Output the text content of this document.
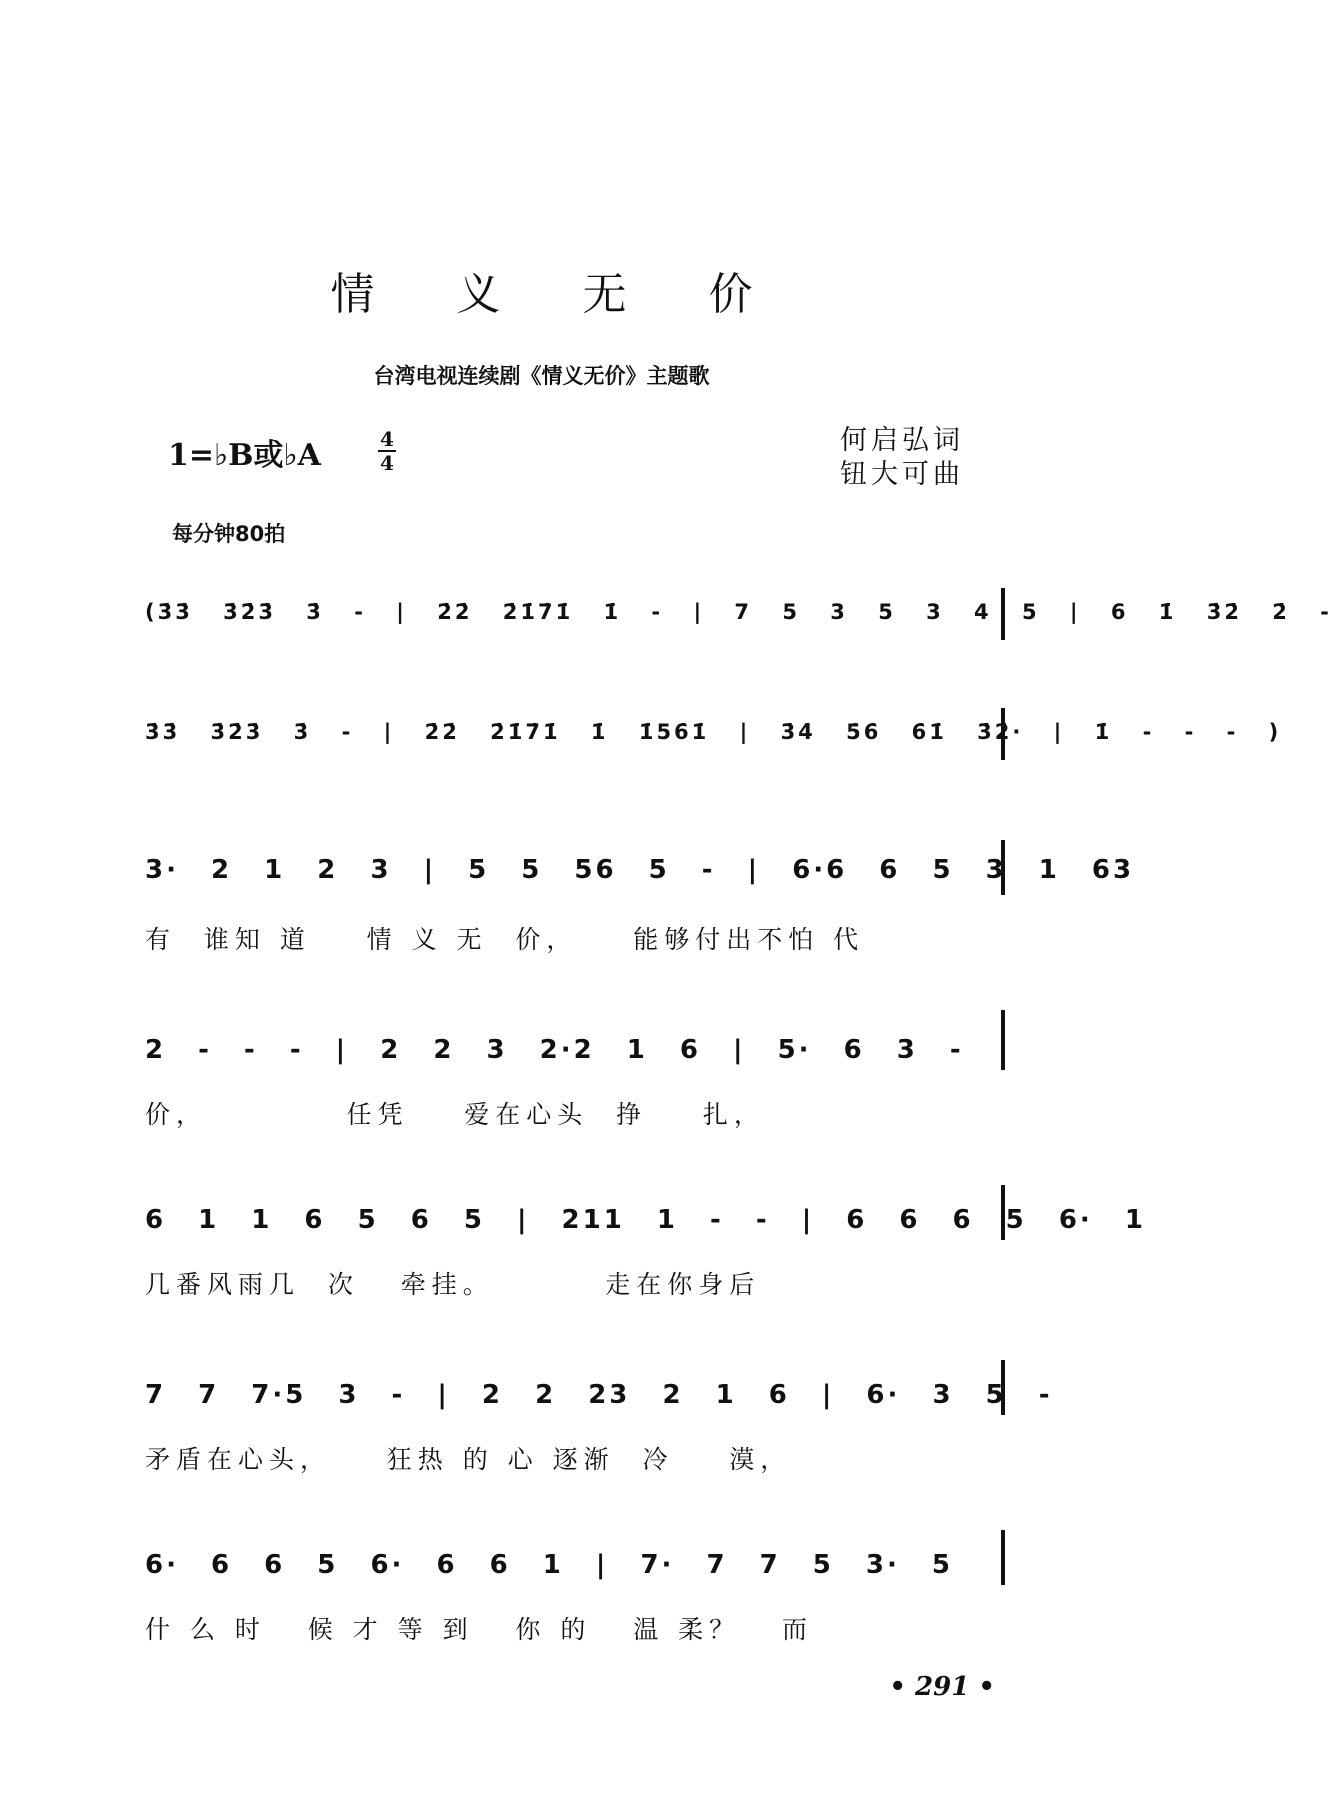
情 义 无 价
台湾电视连续剧《情义无价》主题歌
1=♭B或♭A	4
4
何启弘词
钮大可曲
每分钟80拍
(3̇3̇ 3̇2̇3̇ 3̇ - | 2̇2̇ 2̇1̇7̇1̇ 1̇ - | 7 5 3 5 3 4 5 | 6 1̇ 3̇2̇ 2̇ -
3̇3̇ 3̇2̇3̇ 3̇ - | 2̇2̇ 2̇1̇7̇1̇ 1̇ 1̇56̇1̇ | 3̇4̇ 5̇6̇ 6̇1̇ 3̇2̇· | 1̇ - - - )
3· 2 1 2 3 | 5 5 56 5 - | 6·6 6 5 3 1 63
有  谁知 道    情 义 无  价，    能够付出不怕 代
2 - - - | 2 2 3 2·2 1 6 | 5· 6 3 -
价，          任凭    爱在心头  挣    扎，
6 1 1 6 5 6 5 | 211 1 - - | 6 6 6 5 6· 1
几番风雨几  次   牵挂。        走在你身后
7 7 7·5 3 - | 2 2 23 2 1 6 | 6· 3 5 -
矛盾在心头，    狂热 的 心 逐渐  冷    漠，
6· 6 6 5 6· 6 6 1 | 7· 7 7 5 3· 5
什 么 时   候 才 等 到   你 的   温 柔？   而
• 291 •
